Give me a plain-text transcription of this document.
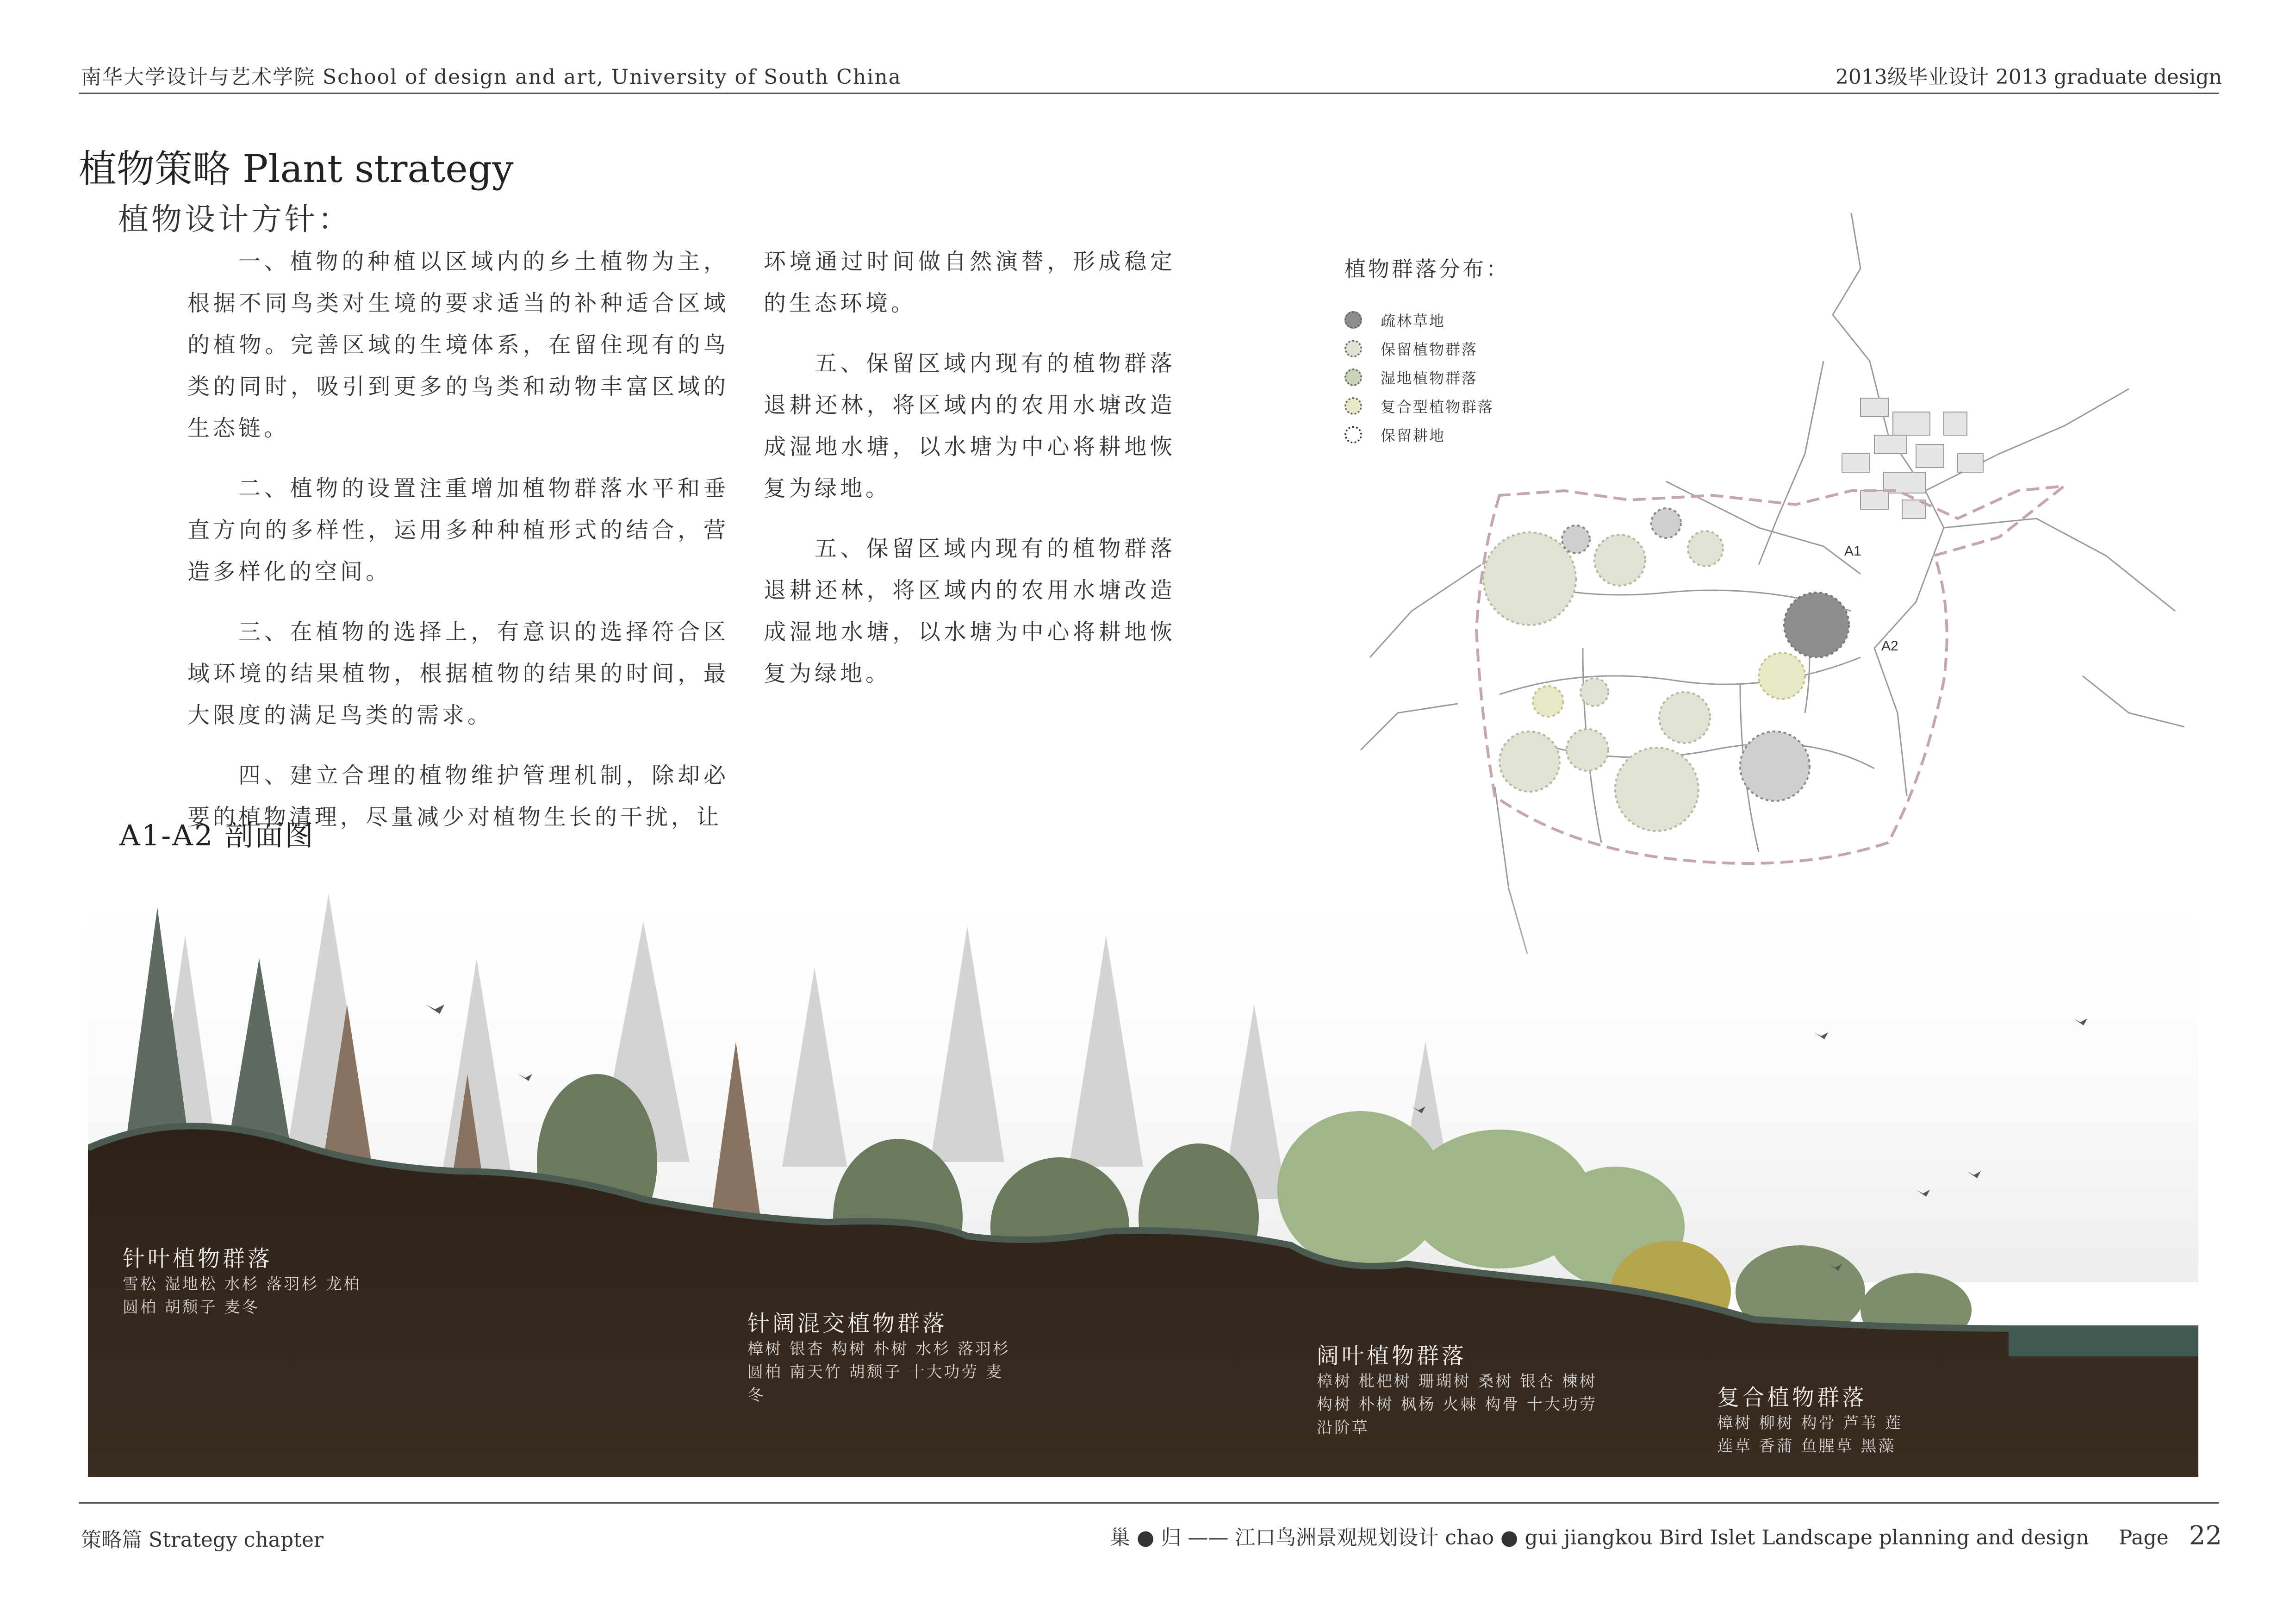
南华大学设计与艺术学院 School of design and art, University of South China	2013级毕业设计 2013 graduate design
植物策略 Plant strategy
植物设计方针：

一、植物的种植以区域内的乡土植物为主，根据不同鸟类对生境的要求适当的补种适合区域的植物。完善区域的生境体系，在留住现有的鸟类的同时，吸引到更多的鸟类和动物丰富区域的生态链。

二、植物的设置注重增加植物群落水平和垂直方向的多样性，运用多种种植形式的结合，营造多样化的空间。

三、在植物的选择上，有意识的选择符合区域环境的结果植物，根据植物的结果的时间，最大限度的满足鸟类的需求。

四、建立合理的植物维护管理机制，除却必要的植物清理，尽量减少对植物生长的干扰，让

环境通过时间做自然演替，形成稳定的生态环境。

五、保留区域内现有的植物群落退耕还林，将区域内的农用水塘改造成湿地水塘，以水塘为中心将耕地恢复为绿地。

五、保留区域内现有的植物群落退耕还林，将区域内的农用水塘改造成湿地水塘，以水塘为中心将耕地恢复为绿地。

植物群落分布：
疏林草地
保留植物群落
湿地植物群落
复合型植物群落
保留耕地
A1
A2
A1-A2 剖面图
针叶植物群落
雪松 湿地松 水杉 落羽杉 龙柏
圆柏 胡颓子 麦冬
针阔混交植物群落
樟树 银杏 构树 朴树 水杉 落羽杉
圆柏 南天竹 胡颓子 十大功劳 麦
冬
阔叶植物群落
樟树 枇杷树 珊瑚树 桑树 银杏 楝树
构树 朴树 枫杨 火棘 构骨 十大功劳
沿阶草
复合植物群落
樟树 柳树 构骨 芦苇 莲
莲草 香蒲 鱼腥草 黑藻
策略篇 Strategy chapter	巢 ● 归 —— 江口鸟洲景观规划设计 chao ● gui jiangkou Bird Islet Landscape planning and design Page 22
